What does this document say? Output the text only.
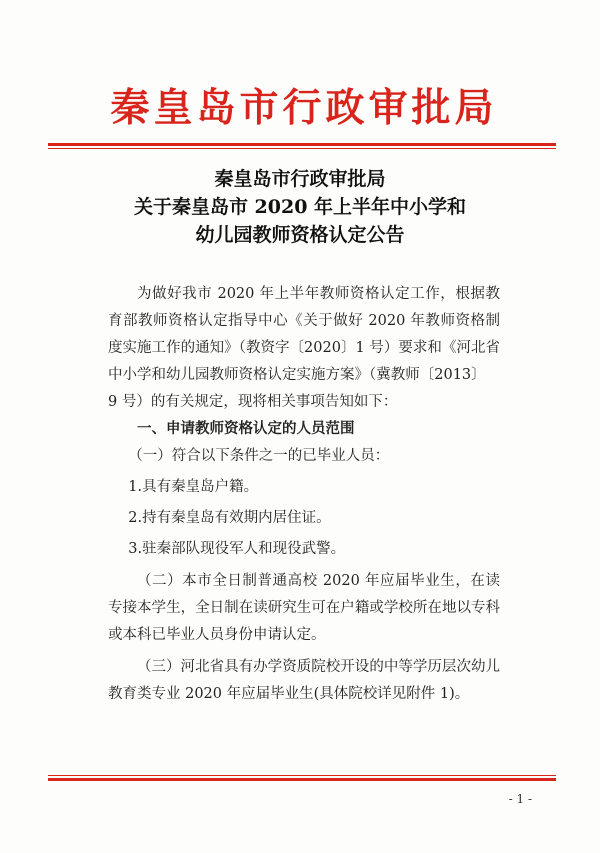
秦皇岛市行政审批局
秦皇岛市行政审批局
关于秦皇岛市 2020 年上半年中小学和
幼儿园教师资格认定公告

为做好我市 2020 年上半年教师资格认定工作，根据教育部教师资格认定指导中心《关于做好 2020 年教师资格制度实施工作的通知》（教资字〔2020〕1 号）要求和《河北省中小学和幼儿园教师资格认定实施方案》（冀教师〔2013〕
9 号）的有关规定，现将相关事项告知如下：

一、申请教师资格认定的人员范围

（一）符合以下条件之一的已毕业人员：

1.具有秦皇岛户籍。

2.持有秦皇岛有效期内居住证。

3.驻秦部队现役军人和现役武警。

（二）本市全日制普通高校 2020 年应届毕业生，在读专接本学生，全日制在读研究生可在户籍或学校所在地以专科或本科已毕业人员身份申请认定。

（三）河北省具有办学资质院校开设的中等学历层次幼儿教育类专业 2020 年应届毕业生(具体院校详见附件 1)。

- 1 -
